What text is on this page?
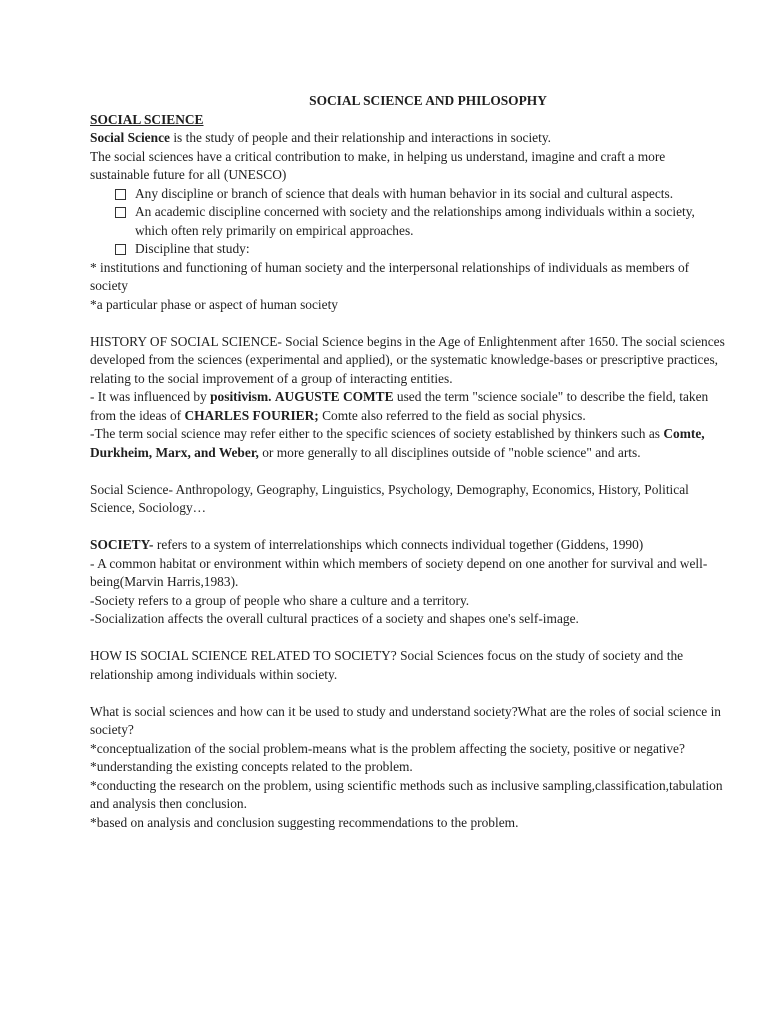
SOCIAL SCIENCE AND PHILOSOPHY

SOCIAL SCIENCE

Social Science is the study of people and their relationship and interactions in society.

The social sciences have a critical contribution to make, in helping us understand, imagine and craft a more sustainable future for all (UNESCO)

Any discipline or branch of science that deals with human behavior in its social and cultural aspects.
An academic discipline concerned with society and the relationships among individuals within a society, which often rely primarily on empirical approaches.
Discipline that study:

* institutions and functioning of human society and the interpersonal relationships of individuals as members of society

*a particular phase or aspect of human society

HISTORY OF SOCIAL SCIENCE- Social Science begins in the Age of Enlightenment after 1650. The social sciences developed from the sciences (experimental and applied), or the systematic knowledge-bases or prescriptive practices, relating to the social improvement of a group of interacting entities.

- It was influenced by positivism. AUGUSTE COMTE used the term "science sociale" to describe the field, taken from the ideas of CHARLES FOURIER; Comte also referred to the field as social physics.

-The term social science may refer either to the specific sciences of society established by thinkers such as Comte, Durkheim, Marx, and Weber, or more generally to all disciplines outside of "noble science" and arts.

Social Science- Anthropology, Geography, Linguistics, Psychology, Demography, Economics, History, Political Science, Sociology…

SOCIETY- refers to a system of interrelationships which connects individual together (Giddens, 1990)

- A common habitat or environment within which members of society depend on one another for survival and well-being(Marvin Harris,1983).

-Society refers to a group of people who share a culture and a territory.

-Socialization affects the overall cultural practices of a society and shapes one's self-image.

HOW IS SOCIAL SCIENCE RELATED TO SOCIETY? Social Sciences focus on the study of society and the relationship among individuals within society.

What is social sciences and how can it be used to study and understand society?What are the roles of social science in society?

*conceptualization of the social problem-means what is the problem affecting the society, positive or negative?

*understanding the existing concepts related to the problem.

*conducting the research on the problem, using scientific methods such as inclusive sampling,classification,tabulation and analysis then conclusion.

*based on analysis and conclusion suggesting recommendations to the problem.
